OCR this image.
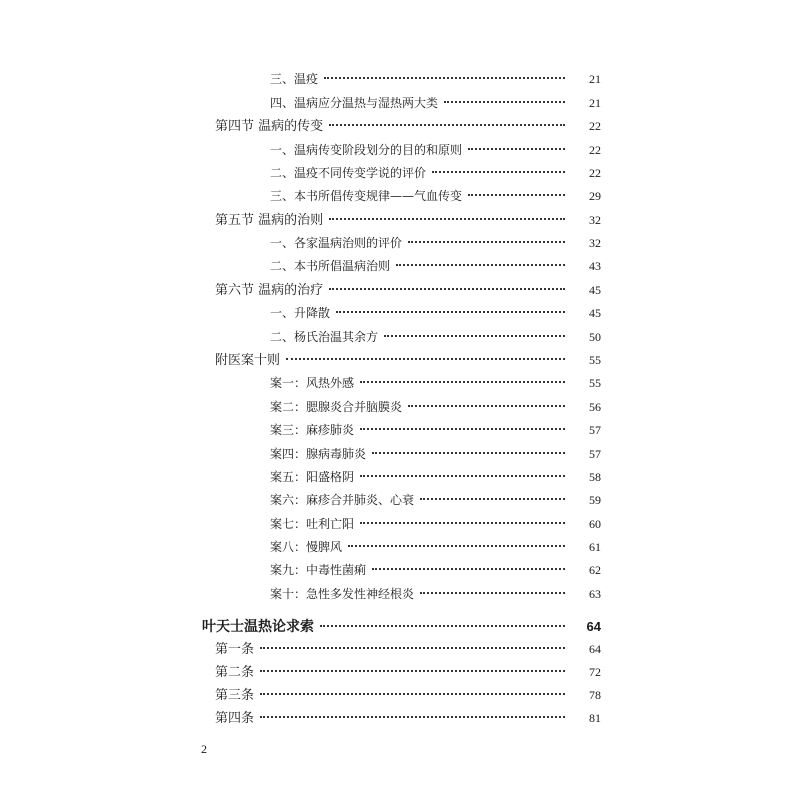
三、温疫	21
四、温病应分温热与湿热两大类	21
第四节 温病的传变	22
一、温病传变阶段划分的目的和原则	22
二、温疫不同传变学说的评价	22
三、本书所倡传变规律——气血传变	29
第五节 温病的治则	32
一、各家温病治则的评价	32
二、本书所倡温病治则	43
第六节 温病的治疗	45
一、升降散	45
二、杨氏治温其余方	50
附医案十则	55
案一：风热外感	55
案二：腮腺炎合并脑膜炎	56
案三：麻疹肺炎	57
案四：腺病毒肺炎	57
案五：阳盛格阴	58
案六：麻疹合并肺炎、心衰	59
案七：吐利亡阳	60
案八：慢脾风	61
案九：中毒性菌痢	62
案十：急性多发性神经根炎	63
叶天士温热论求索	64
第一条	64
第二条	72
第三条	78
第四条	81
2
